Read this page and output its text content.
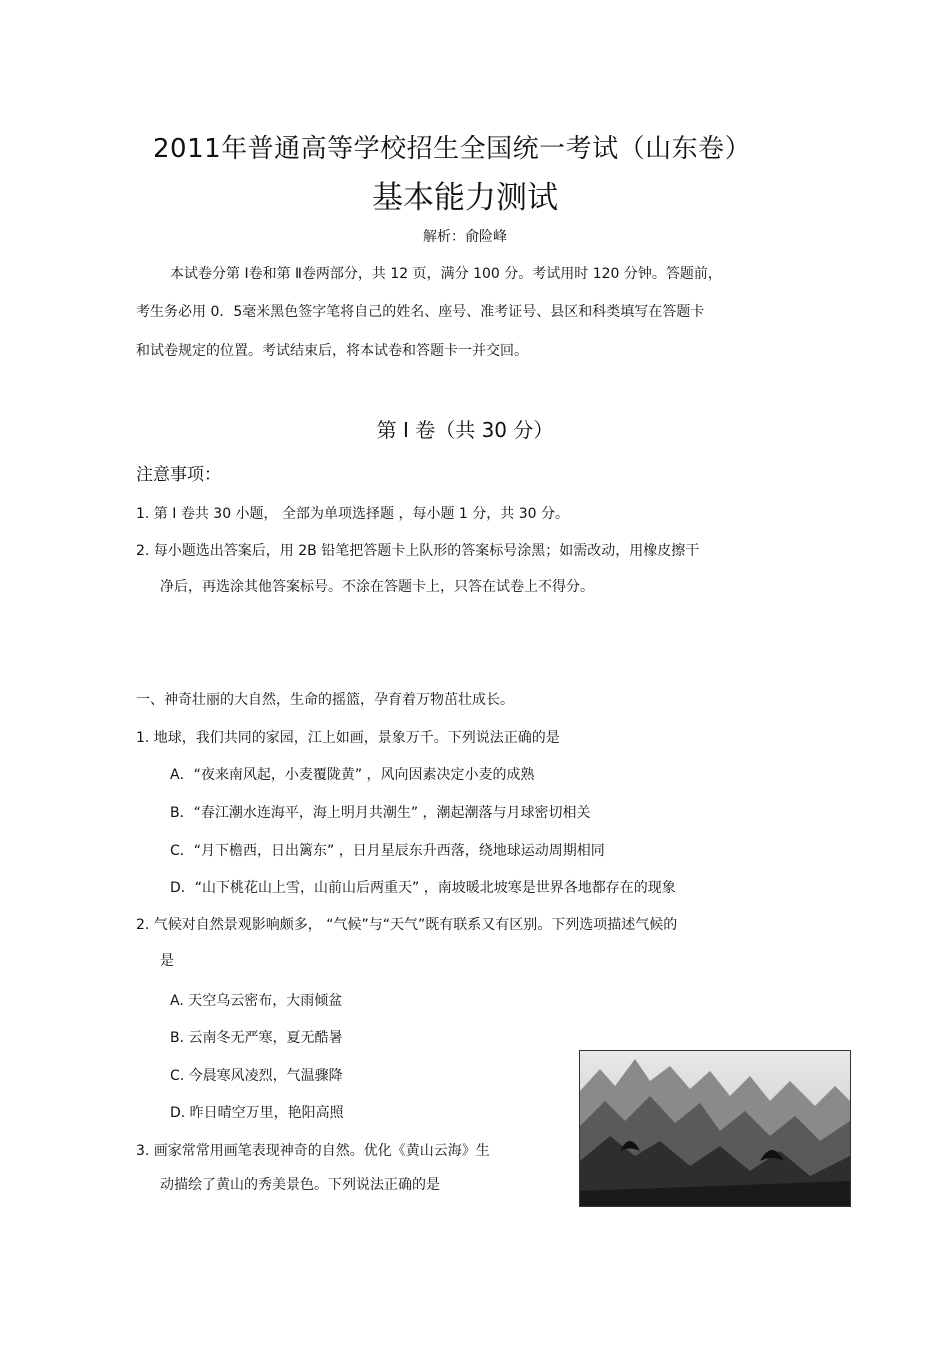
2011年普通高等学校招生全国统一考试（山东卷）
基本能力测试
解析：俞险峰
本试卷分第 Ⅰ卷和第 Ⅱ卷两部分，共 12 页，满分 100 分。考试用时 120 分钟。答题前，
考生务必用 0．5毫米黑色签字笔将自己的姓名、座号、准考证号、县区和科类填写在答题卡
和试卷规定的位置。考试结束后，将本试卷和答题卡一并交回。
第 Ⅰ 卷（共 30 分）
注意事项：
1. 第 Ⅰ 卷共 30 小题， 全部为单项选择题 ，每小题 1 分，共 30 分。
2. 每小题选出答案后，用 2B 铅笔把答题卡上队形的答案标号涂黑；如需改动，用橡皮擦干
净后，再选涂其他答案标号。不涂在答题卡上，只答在试卷上不得分。
一、神奇壮丽的大自然，生命的摇篮，孕育着万物茁壮成长。
1. 地球，我们共同的家园，江上如画，景象万千。下列说法正确的是
A．“夜来南风起，小麦覆陇黄” ，风向因素决定小麦的成熟
B．“春江潮水连海平，海上明月共潮生” ，潮起潮落与月球密切相关
C．“月下檐西，日出篱东” ，日月星辰东升西落，绕地球运动周期相同
D．“山下桃花山上雪，山前山后两重天” ，南坡暖北坡寒是世界各地都存在的现象
2. 气候对自然景观影响颇多， “气候”与“天气”既有联系又有区别。下列选项描述气候的
是
A. 天空乌云密布，大雨倾盆
B. 云南冬无严寒，夏无酷暑
C. 今晨寒风凌烈，气温骤降
D. 昨日晴空万里，艳阳高照
3. 画家常常用画笔表现神奇的自然。优化《黄山云海》生
动描绘了黄山的秀美景色。下列说法正确的是
